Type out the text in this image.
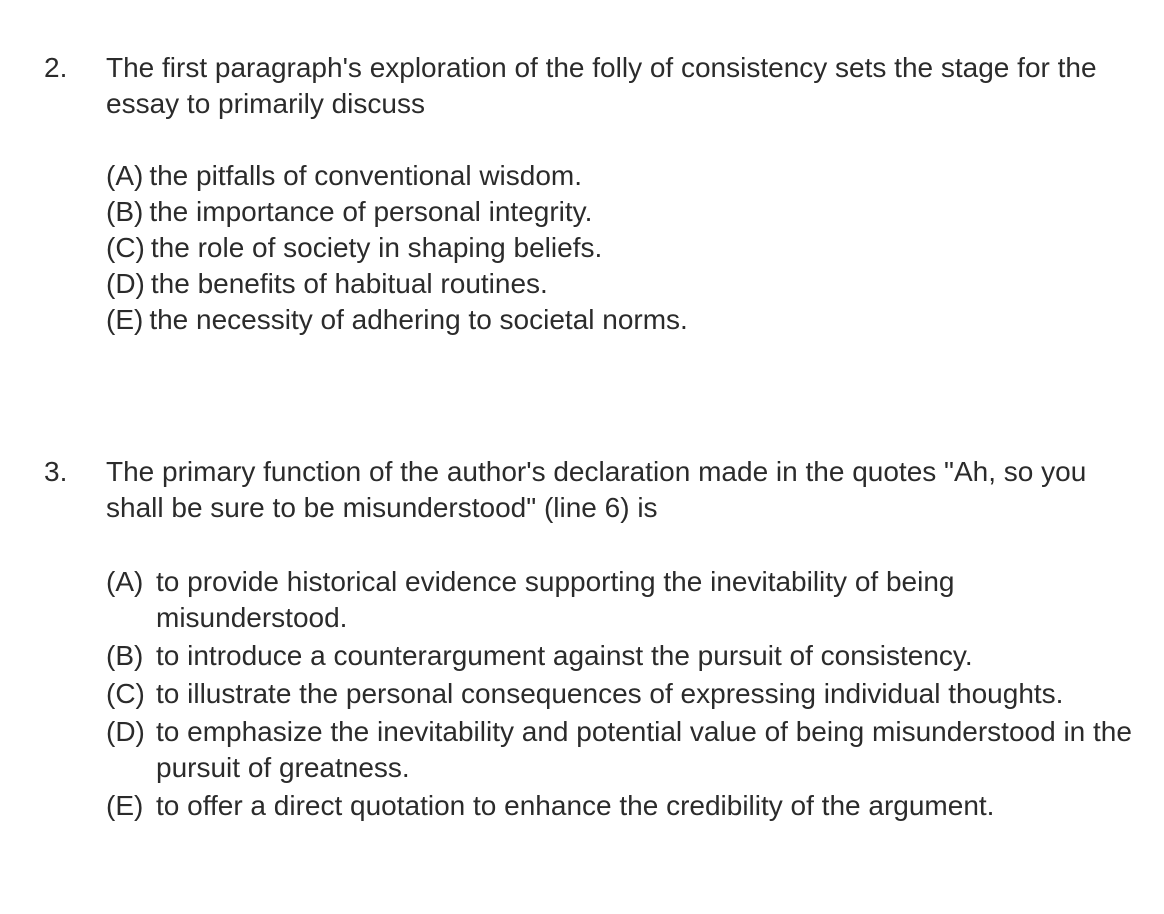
2. The first paragraph's exploration of the folly of consistency sets the stage for the essay to primarily discuss

(A) the pitfalls of conventional wisdom.
(B) the importance of personal integrity.
(C) the role of society in shaping beliefs.
(D) the benefits of habitual routines.
(E) the necessity of adhering to societal norms.
3. The primary function of the author's declaration made in the quotes "Ah, so you shall be sure to be misunderstood" (line 6) is

(A) to provide historical evidence supporting the inevitability of being misunderstood.
(B) to introduce a counterargument against the pursuit of consistency.
(C) to illustrate the personal consequences of expressing individual thoughts.
(D) to emphasize the inevitability and potential value of being misunderstood in the pursuit of greatness.
(E) to offer a direct quotation to enhance the credibility of the argument.
